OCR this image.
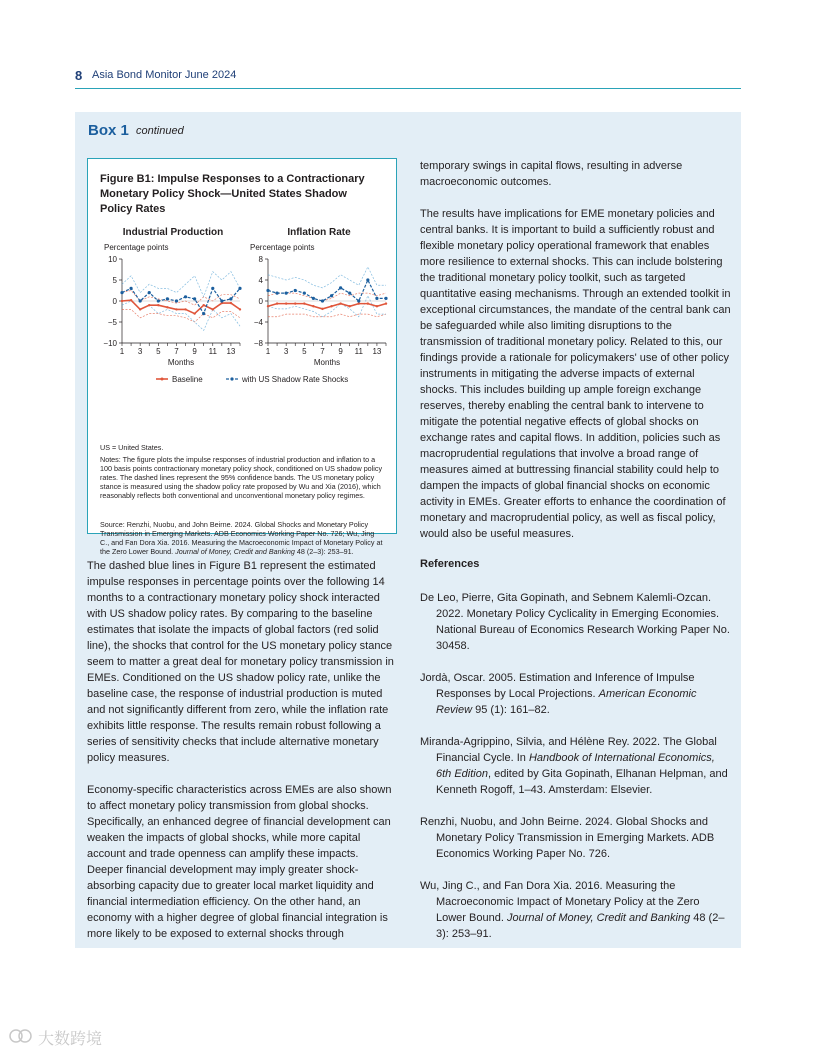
8 Asia Bond Monitor June 2024
Box 1 continued
Figure B1: Impulse Responses to a Contractionary Monetary Policy Shock—United States Shadow Policy Rates
Industrial Production
Percentage points
10
5
0
−5
−10
1 3 5 7 9 11 13
Months
Inflation Rate
Percentage points
8
4
0
−4
−8
1 3 5 7 9 11 13
Months
Baseline	with US Shadow Rate Shocks
US = United States.
Notes: The figure plots the impulse responses of industrial production and inflation to a 100 basis points contractionary monetary policy shock, conditioned on US shadow policy rates. The dashed lines represent the 95% confidence bands. The US monetary policy stance is measured using the shadow policy rate proposed by Wu and Xia (2016), which reasonably reflects both conventional and unconventional monetary policy regimes.
Source: Renzhi, Nuobu, and John Beirne. 2024. Global Shocks and Monetary Policy Transmission in Emerging Markets. ADB Economics Working Paper No. 726; Wu, Jing C., and Fan Dora Xia. 2016. Measuring the Macroeconomic Impact of Monetary Policy at the Zero Lower Bound. Journal of Money, Credit and Banking 48 (2–3): 253–91.
The dashed blue lines in Figure B1 represent the estimated impulse responses in percentage points over the following 14 months to a contractionary monetary policy shock interacted with US shadow policy rates. By comparing to the baseline estimates that isolate the impacts of global factors (red solid line), the shocks that control for the US monetary policy stance seem to matter a great deal for monetary policy transmission in EMEs. Conditioned on the US shadow policy rate, unlike the baseline case, the response of industrial production is muted and not significantly different from zero, while the inflation rate exhibits little response. The results remain robust following a series of sensitivity checks that include alternative monetary policy measures.
Economy-specific characteristics across EMEs are also shown to affect monetary policy transmission from global shocks. Specifically, an enhanced degree of financial development can weaken the impacts of global shocks, while more capital account and trade openness can amplify these impacts. Deeper financial development may imply greater shock-absorbing capacity due to greater local market liquidity and financial intermediation efficiency. On the other hand, an economy with a higher degree of global financial integration is more likely to be exposed to external shocks through
temporary swings in capital flows, resulting in adverse macroeconomic outcomes.
The results have implications for EME monetary policies and central banks. It is important to build a sufficiently robust and flexible monetary policy operational framework that enables more resilience to external shocks. This can include bolstering the traditional monetary policy toolkit, such as targeted quantitative easing mechanisms. Through an extended toolkit in exceptional circumstances, the mandate of the central bank can be safeguarded while also limiting disruptions to the transmission of traditional monetary policy. Related to this, our findings provide a rationale for policymakers' use of other policy instruments in mitigating the adverse impacts of external shocks. This includes building up ample foreign exchange reserves, thereby enabling the central bank to intervene to mitigate the potential negative effects of global shocks on exchange rates and capital flows. In addition, policies such as macroprudential regulations that involve a broad range of measures aimed at buttressing financial stability could help to dampen the impacts of global financial shocks on economic activity in EMEs. Greater efforts to enhance the coordination of monetary and macroprudential policy, as well as fiscal policy, would also be useful measures.
References
De Leo, Pierre, Gita Gopinath, and Sebnem Kalemli-Ozcan. 2022. Monetary Policy Cyclicality in Emerging Economies. National Bureau of Economics Research Working Paper No. 30458.
Jordà, Oscar. 2005. Estimation and Inference of Impulse Responses by Local Projections. American Economic Review 95 (1): 161–82.
Miranda-Agrippino, Silvia, and Hélène Rey. 2022. The Global Financial Cycle. In Handbook of International Economics, 6th Edition, edited by Gita Gopinath, Elhanan Helpman, and Kenneth Rogoff, 1–43. Amsterdam: Elsevier.
Renzhi, Nuobu, and John Beirne. 2024. Global Shocks and Monetary Policy Transmission in Emerging Markets. ADB Economics Working Paper No. 726.
Wu, Jing C., and Fan Dora Xia. 2016. Measuring the Macroeconomic Impact of Monetary Policy at the Zero Lower Bound. Journal of Money, Credit and Banking 48 (2–3): 253–91.
大数跨境
